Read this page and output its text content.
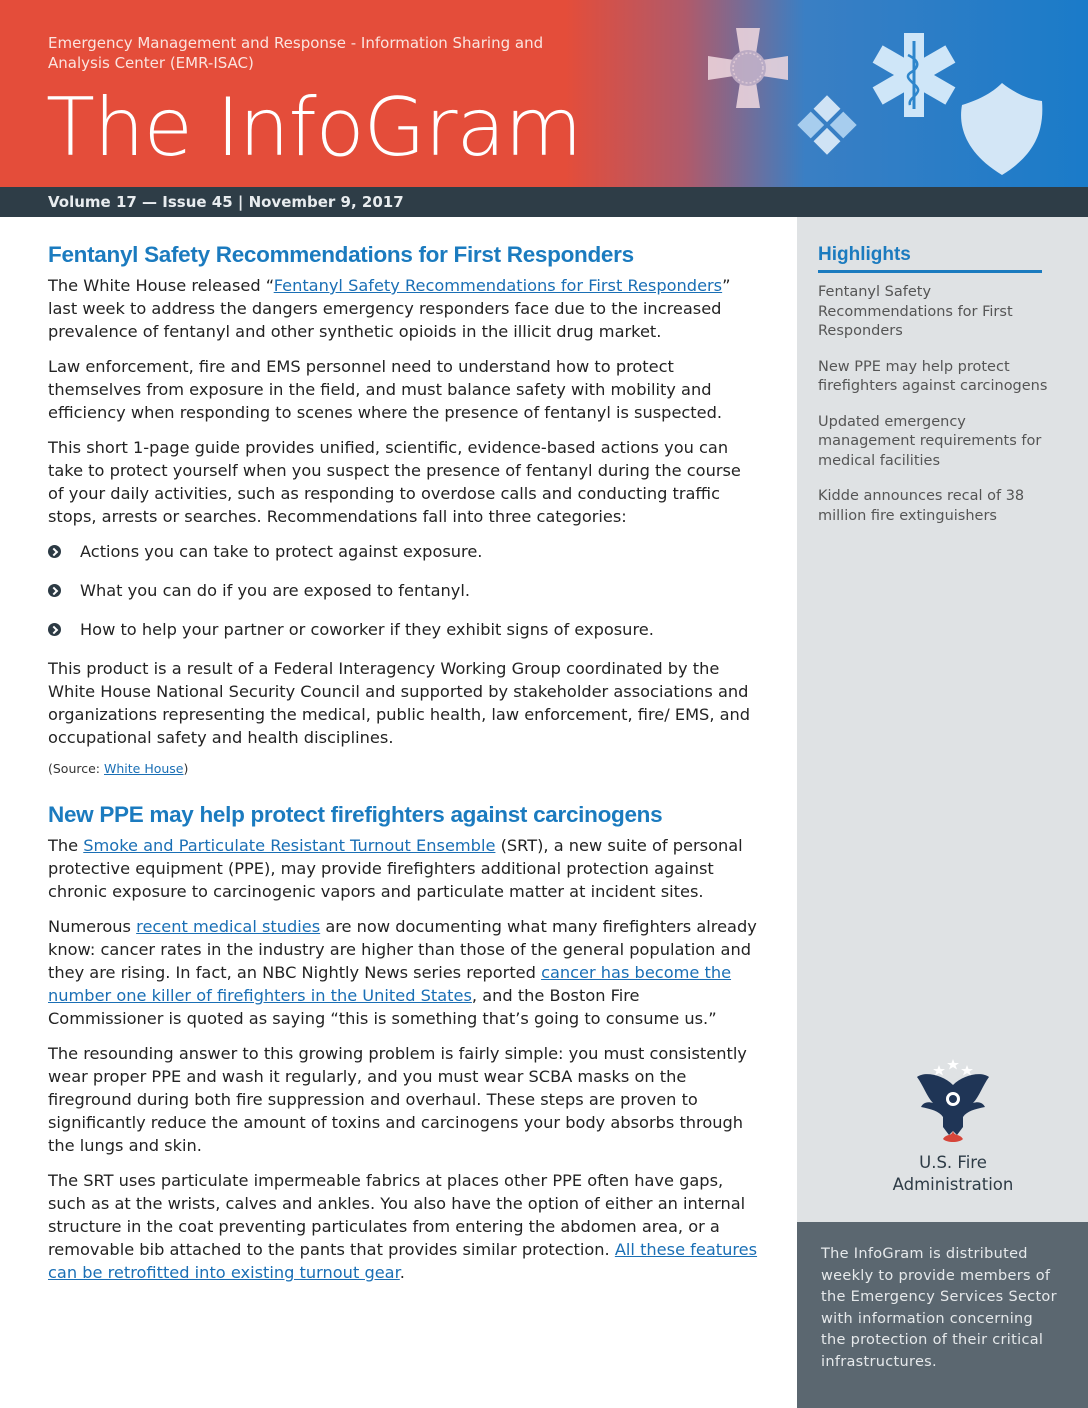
Emergency Management and Response - Information Sharing and Analysis Center (EMR-ISAC)
The InfoGram
Volume 17 — Issue 45 | November 9, 2017
Fentanyl Safety Recommendations for First Responders

The White House released “Fentanyl Safety Recommendations for First Responders” last week to address the dangers emergency responders face due to the increased prevalence of fentanyl and other synthetic opioids in the illicit drug market.

Law enforcement, fire and EMS personnel need to understand how to protect themselves from exposure in the field, and must balance safety with mobility and efficiency when responding to scenes where the presence of fentanyl is suspected.

This short 1-page guide provides unified, scientific, evidence-based actions you can take to protect yourself when you suspect the presence of fentanyl during the course of your daily activities, such as responding to overdose calls and conducting traffic stops, arrests or searches. Recommendations fall into three categories:

Actions you can take to protect against exposure.
What you can do if you are exposed to fentanyl.
How to help your partner or coworker if they exhibit signs of exposure.

This product is a result of a Federal Interagency Working Group coordinated by the White House National Security Council and supported by stakeholder associations and organizations representing the medical, public health, law enforcement, fire/ EMS, and occupational safety and health disciplines.

(Source: White House)

New PPE may help protect firefighters against carcinogens

The Smoke and Particulate Resistant Turnout Ensemble (SRT), a new suite of personal protective equipment (PPE), may provide firefighters additional protection against chronic exposure to carcinogenic vapors and particulate matter at incident sites.

Numerous recent medical studies are now documenting what many firefighters already know: cancer rates in the industry are higher than those of the general population and they are rising. In fact, an NBC Nightly News series reported cancer has become the number one killer of firefighters in the United States, and the Boston Fire Commissioner is quoted as saying “this is something that’s going to consume us.”

The resounding answer to this growing problem is fairly simple: you must consistently wear proper PPE and wash it regularly, and you must wear SCBA masks on the fireground during both fire suppression and overhaul. These steps are proven to significantly reduce the amount of toxins and carcinogens your body absorbs through the lungs and skin.

The SRT uses particulate impermeable fabrics at places other PPE often have gaps, such as at the wrists, calves and ankles. You also have the option of either an internal structure in the coat preventing particulates from entering the abdomen area, or a removable bib attached to the pants that provides similar protection. All these features can be retrofitted into existing turnout gear.

Highlights
Fentanyl Safety Recommendations for First Responders
New PPE may help protect firefighters against carcinogens
Updated emergency management requirements for medical facilities
Kidde announces recal of 38 million fire extinguishers
U.S. Fire
Administration
The InfoGram is distributed weekly to provide members of the Emergency Services Sector with information concerning the protection of their critical infrastructures.
